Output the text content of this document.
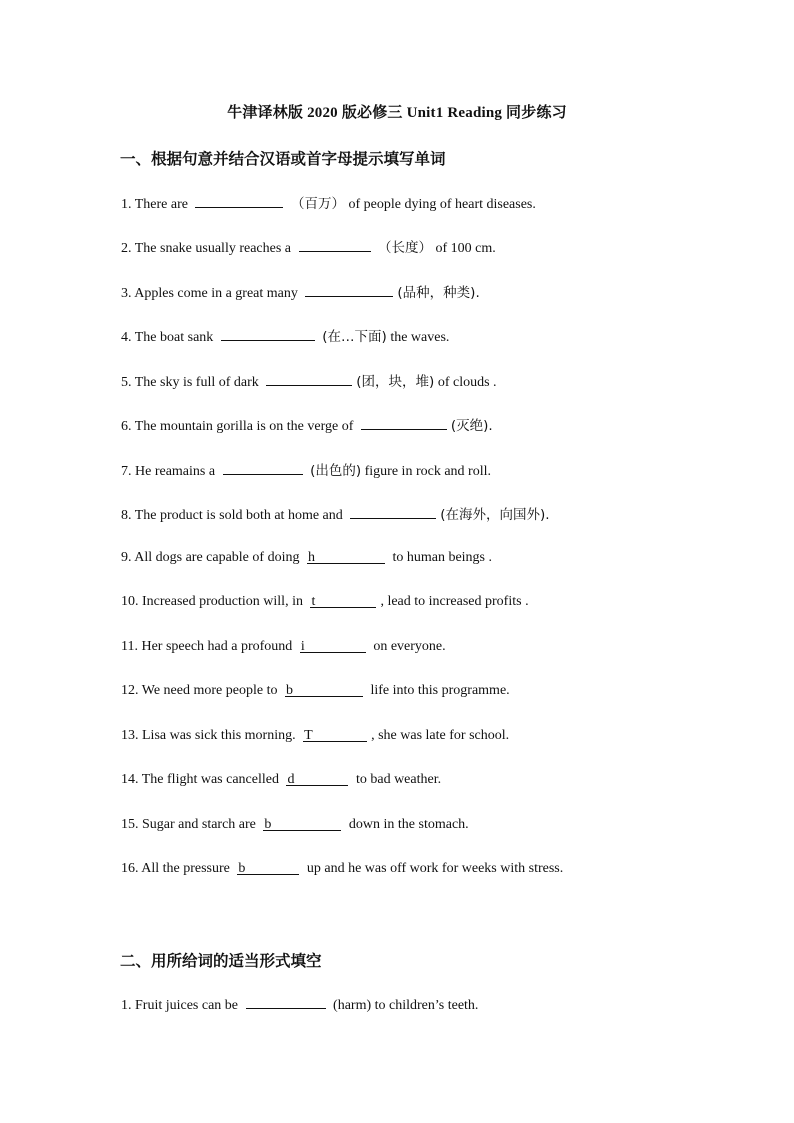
牛津译林版 2020 版必修三 Unit1 Reading 同步练习
一、根据句意并结合汉语或首字母提示填写单词
1. There are	（百万） of people dying of heart diseases.
2. The snake usually reaches a	（长度） of 100 cm.
3. Apples come in a great many	(品种，种类).
4. The boat sank	(在…下面) the waves.
5. The sky is full of dark	(团，块，堆) of clouds .
6. The mountain gorilla is on the verge of	(灭绝).
7. He reamains a	(出色的) figure in rock and roll.
8. The product is sold both at home and	(在海外，向国外).
9. All dogs are capable of doing h	to human beings .
10. Increased production will, in t	, lead to increased profits .
11. Her speech had a profound i	on everyone.
12. We need more people to b	life into this programme.
13. Lisa was sick this morning. T	, she was late for school.
14. The flight was cancelled d	to bad weather.
15. Sugar and starch are b	down in the stomach.
16. All the pressure b	up and he was off work for weeks with stress.
二、用所给词的适当形式填空
1. Fruit juices can be	(harm) to children’s teeth.
